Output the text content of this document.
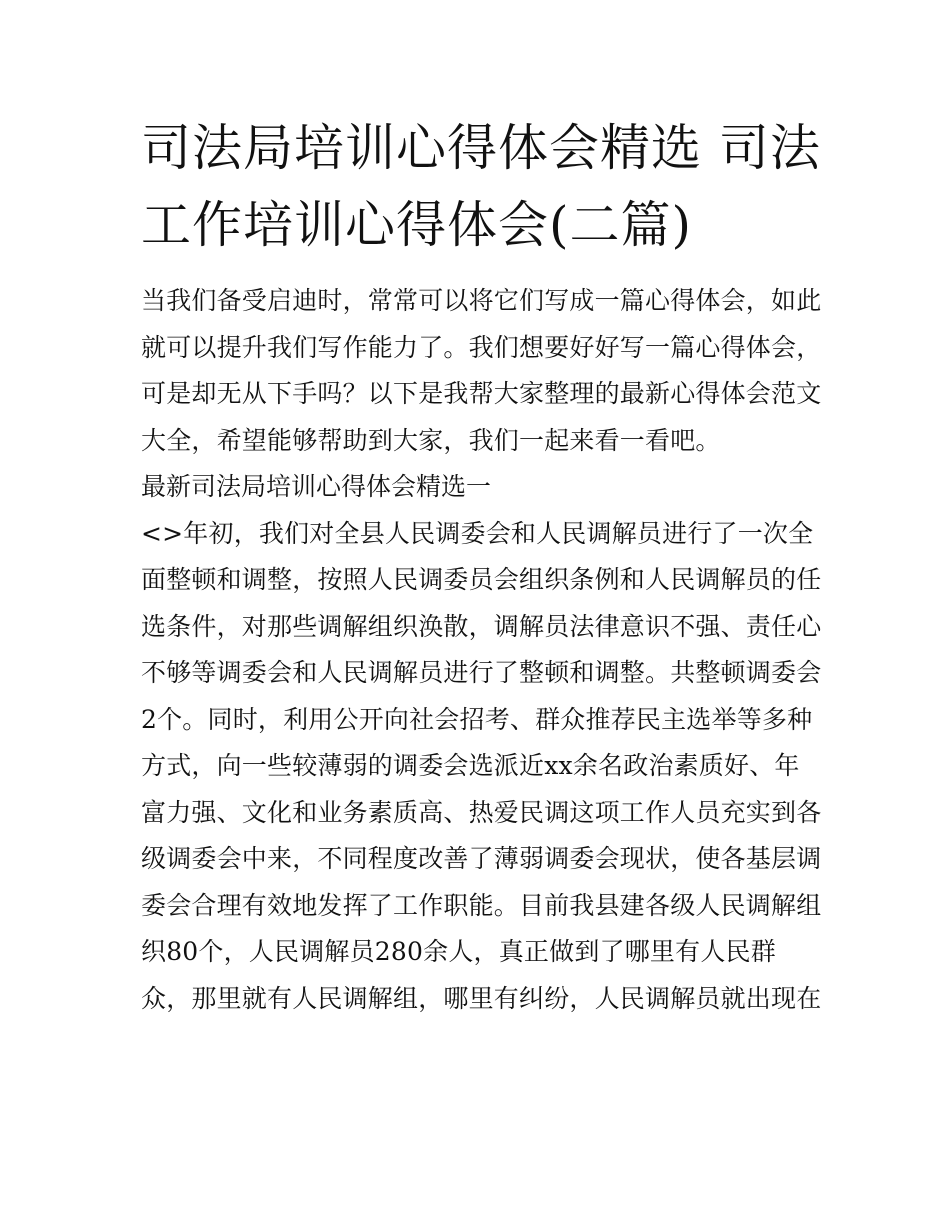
司法局培训心得体会精选 司法
工作培训心得体会(二篇)
当我们备受启迪时，常常可以将它们写成一篇心得体会，如此
就可以提升我们写作能力了。我们想要好好写一篇心得体会，
可是却无从下手吗？以下是我帮大家整理的最新心得体会范文
大全，希望能够帮助到大家，我们一起来看一看吧。
最新司法局培训心得体会精选一
<>年初，我们对全县人民调委会和人民调解员进行了一次全
面整顿和调整，按照人民调委员会组织条例和人民调解员的任
选条件，对那些调解组织涣散，调解员法律意识不强、责任心
不够等调委会和人民调解员进行了整顿和调整。共整顿调委会
2个。同时，利用公开向社会招考、群众推荐民主选举等多种
方式，向一些较薄弱的调委会选派近xx余名政治素质好、年
富力强、文化和业务素质高、热爱民调这项工作人员充实到各
级调委会中来，不同程度改善了薄弱调委会现状，使各基层调
委会合理有效地发挥了工作职能。目前我县建各级人民调解组
织80个，人民调解员280余人，真正做到了哪里有人民群
众，那里就有人民调解组，哪里有纠纷，人民调解员就出现在
